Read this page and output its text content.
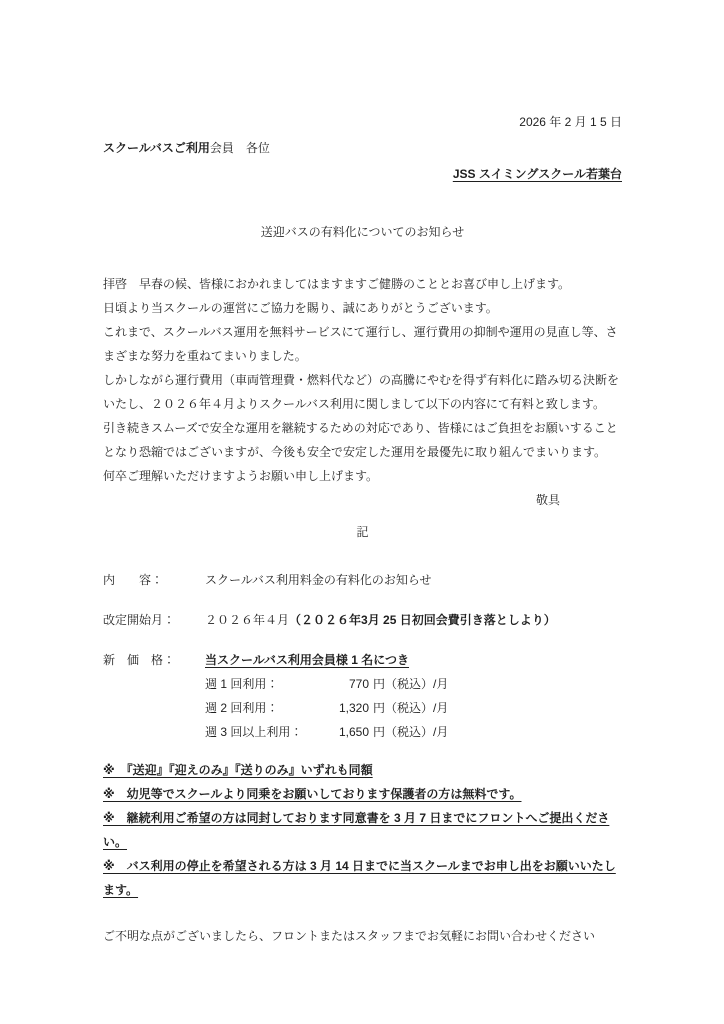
2026 年 2 月 1 5 日
スクールバスご利用会員　各位
JSS スイミングスクール若葉台
送迎バスの有料化についてのお知らせ

拝啓　早春の候、皆様におかれましてはますますご健勝のこととお喜び申し上げます。

日頃より当スクールの運営にご協力を賜り、誠にありがとうございます。

これまで、スクールバス運用を無料サービスにて運行し、運行費用の抑制や運用の見直し等、さまざまな努力を重ねてまいりました。

しかしながら運行費用（車両管理費・燃料代など）の高騰にやむを得ず有料化に踏み切る決断をいたし、２０２６年４月よりスクールバス利用に関しまして以下の内容にて有料と致します。

引き続きスムーズで安全な運用を継続するための対応であり、皆様にはご負担をお願いすることとなり恐縮ではございますが、今後も安全で安定した運用を最優先に取り組んでまいります。

何卒ご理解いただけますようお願い申し上げます。

敬具
記
内　　容：	スクールバス利用料金の有料化のお知らせ
改定開始月：	２０２６年４月（２０２６年3月 25 日初回会費引き落としより）
新　価　格：	当スクールバス利用会員様 1 名につき
週 1 回利用：	770 円（税込）/月
週 2 回利用：	1,320 円（税込）/月
週 3 回以上利用：	1,650 円（税込）/月
※　『送迎』『迎えのみ』『送りのみ』いずれも同額
※　幼児等でスクールより同乗をお願いしております保護者の方は無料です。
※　継続利用ご希望の方は同封しております同意書を 3 月 7 日までにフロントへご提出ください。
※　バス利用の停止を希望される方は 3 月 14 日までに当スクールまでお申し出をお願いいたします。
ご不明な点がございましたら、フロントまたはスタッフまでお気軽にお問い合わせください
